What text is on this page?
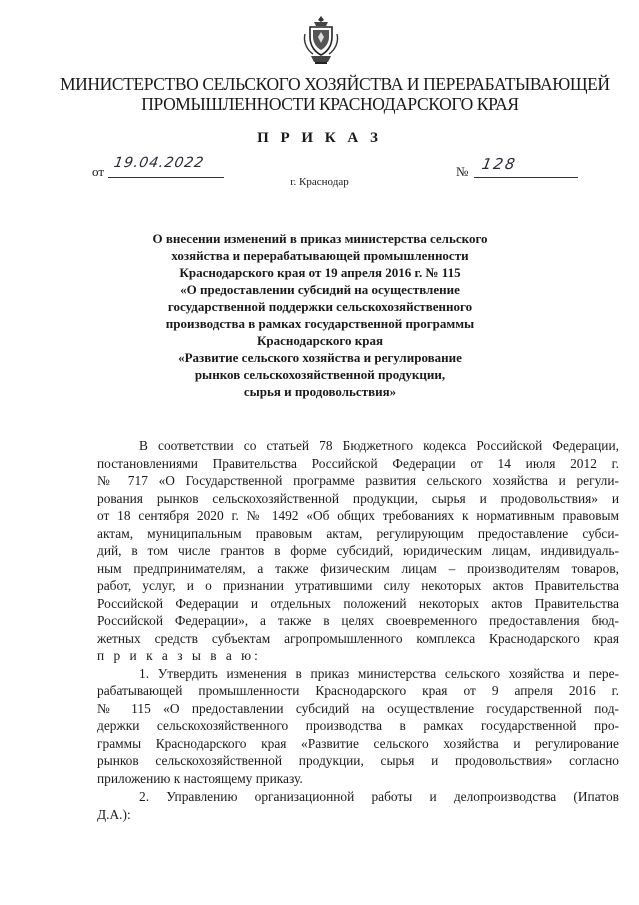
МИНИСТЕРСТВО СЕЛЬСКОГО ХОЗЯЙСТВА И ПЕРЕРАБАТЫВАЮЩЕЙ
ПРОМЫШЛЕННОСТИ КРАСНОДАРСКОГО КРАЯ
П Р И К А З
от
19.04.2022
№ 128
г. Краснодар
О внесении изменений в приказ министерства сельского
хозяйства и перерабатывающей промышленности
Краснодарского края от 19 апреля 2016 г. № 115
«О предоставлении субсидий на осуществление
государственной поддержки сельскохозяйственного
производства в рамках государственной программы
Краснодарского края
«Развитие сельского хозяйства и регулирование
рынков сельскохозяйственной продукции,
сырья и продовольствия»
В соответствии со статьей 78 Бюджетного кодекса Российской Федерации,
постановлениями Правительства Российской Федерации от 14 июля 2012 г.
№ 717 «О Государственной программе развития сельского хозяйства и регули-
рования рынков сельскохозяйственной продукции, сырья и продовольствия» и
от 18 сентября 2020 г. № 1492 «Об общих требованиях к нормативным правовым
актам, муниципальным правовым актам, регулирующим предоставление субси-
дий, в том числе грантов в форме субсидий, юридическим лицам, индивидуаль-
ным предпринимателям, а также физическим лицам – производителям товаров,
работ, услуг, и о признании утратившими силу некоторых актов Правительства
Российской Федерации и отдельных положений некоторых актов Правительства
Российской Федерации», а также в целях своевременного предоставления бюд-
жетных средств субъектам агропромышленного комплекса Краснодарского края
п р и к а з ы в а ю:
1. Утвердить изменения в приказ министерства сельского хозяйства и пере-
рабатывающей промышленности Краснодарского края от 9 апреля 2016 г.
№ 115 «О предоставлении субсидий на осуществление государственной под-
держки сельскохозяйственного производства в рамках государственной про-
граммы Краснодарского края «Развитие сельского хозяйства и регулирование
рынков сельскохозяйственной продукции, сырья и продовольствия» согласно
приложению к настоящему приказу.
2. Управлению организационной работы и делопроизводства (Ипатов
Д.А.):
